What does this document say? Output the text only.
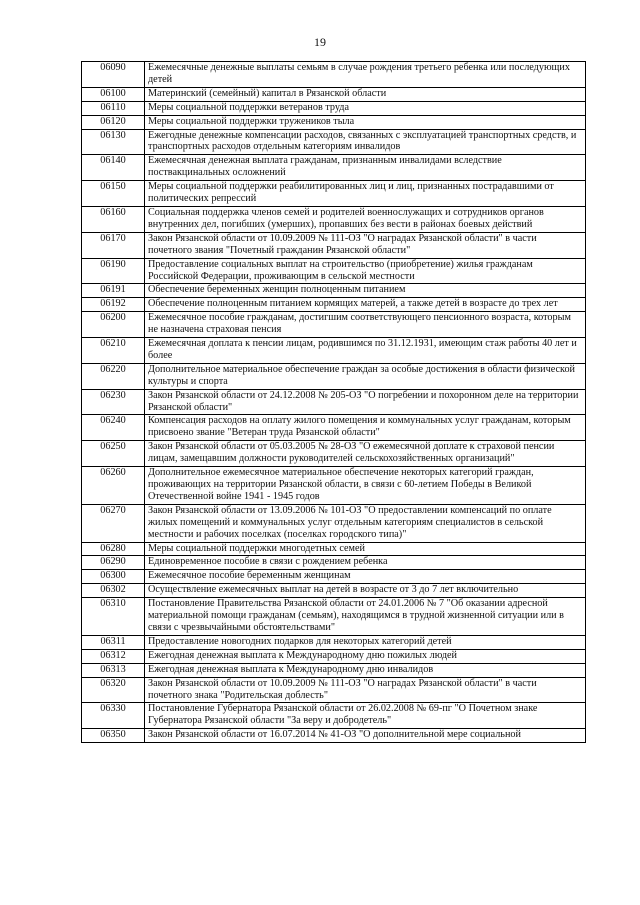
19
06090	Ежемесячные денежные выплаты семьям в случае рождения третьего ребенка или последующих детей
06100	Материнский (семейный) капитал в Рязанской области
06110	Меры социальной поддержки ветеранов труда
06120	Меры социальной поддержки тружеников тыла
06130	Ежегодные денежные компенсации расходов, связанных с эксплуатацией транспортных средств, и транспортных расходов отдельным категориям инвалидов
06140	Ежемесячная денежная выплата гражданам, признанным инвалидами вследствие поствакцинальных осложнений
06150	Меры социальной поддержки реабилитированных лиц и лиц, признанных пострадавшими от политических репрессий
06160	Социальная поддержка членов семей и родителей военнослужащих и сотрудников органов внутренних дел, погибших (умерших), пропавших без вести в районах боевых действий
06170	Закон Рязанской области от 10.09.2009 № 111-ОЗ "О наградах Рязанской области" в части почетного звания "Почетный гражданин Рязанской области"
06190	Предоставление социальных выплат на строительство (приобретение) жилья гражданам Российской Федерации, проживающим в сельской местности
06191	Обеспечение беременных женщин полноценным питанием
06192	Обеспечение полноценным питанием кормящих матерей, а также детей в возрасте до трех лет
06200	Ежемесячное пособие гражданам, достигшим соответствующего пенсионного возраста, которым не назначена страховая пенсия
06210	Ежемесячная доплата к пенсии лицам, родившимся по 31.12.1931, имеющим стаж работы 40 лет и более
06220	Дополнительное материальное обеспечение граждан за особые достижения в области физической культуры и спорта
06230	Закон Рязанской области от 24.12.2008 № 205-ОЗ "О погребении и похоронном деле на территории Рязанской области"
06240	Компенсация расходов на оплату жилого помещения и коммунальных услуг гражданам, которым присвоено звание "Ветеран труда Рязанской области"
06250	Закон Рязанской области от 05.03.2005 № 28-ОЗ "О ежемесячной доплате к страховой пенсии лицам, замещавшим должности руководителей сельскохозяйственных организаций"
06260	Дополнительное ежемесячное материальное обеспечение некоторых категорий граждан, проживающих на территории Рязанской области, в связи с 60-летием Победы в Великой Отечественной войне 1941 - 1945 годов
06270	Закон Рязанской области от 13.09.2006 № 101-ОЗ "О предоставлении компенсаций по оплате жилых помещений и коммунальных услуг отдельным категориям специалистов в сельской местности и рабочих поселках (поселках городского типа)"
06280	Меры социальной поддержки многодетных семей
06290	Единовременное пособие в связи с рождением ребенка
06300	Ежемесячное пособие беременным женщинам
06302	Осуществление ежемесячных выплат на детей в возрасте от 3 до 7 лет включительно
06310	Постановление Правительства Рязанской области от 24.01.2006 № 7 "Об оказании адресной материальной помощи гражданам (семьям), находящимся в трудной жизненной ситуации или в связи с чрезвычайными обстоятельствами"
06311	Предоставление новогодних подарков для некоторых категорий детей
06312	Ежегодная денежная выплата к Международному дню пожилых людей
06313	Ежегодная денежная выплата к Международному дню инвалидов
06320	Закон Рязанской области от 10.09.2009 № 111-ОЗ "О наградах Рязанской области" в части почетного знака "Родительская доблесть"
06330	Постановление Губернатора Рязанской области от 26.02.2008 № 69-пг "О Почетном знаке Губернатора Рязанской области "За веру и добродетель"
06350	Закон Рязанской области от 16.07.2014 № 41-ОЗ "О дополнительной мере социальной
